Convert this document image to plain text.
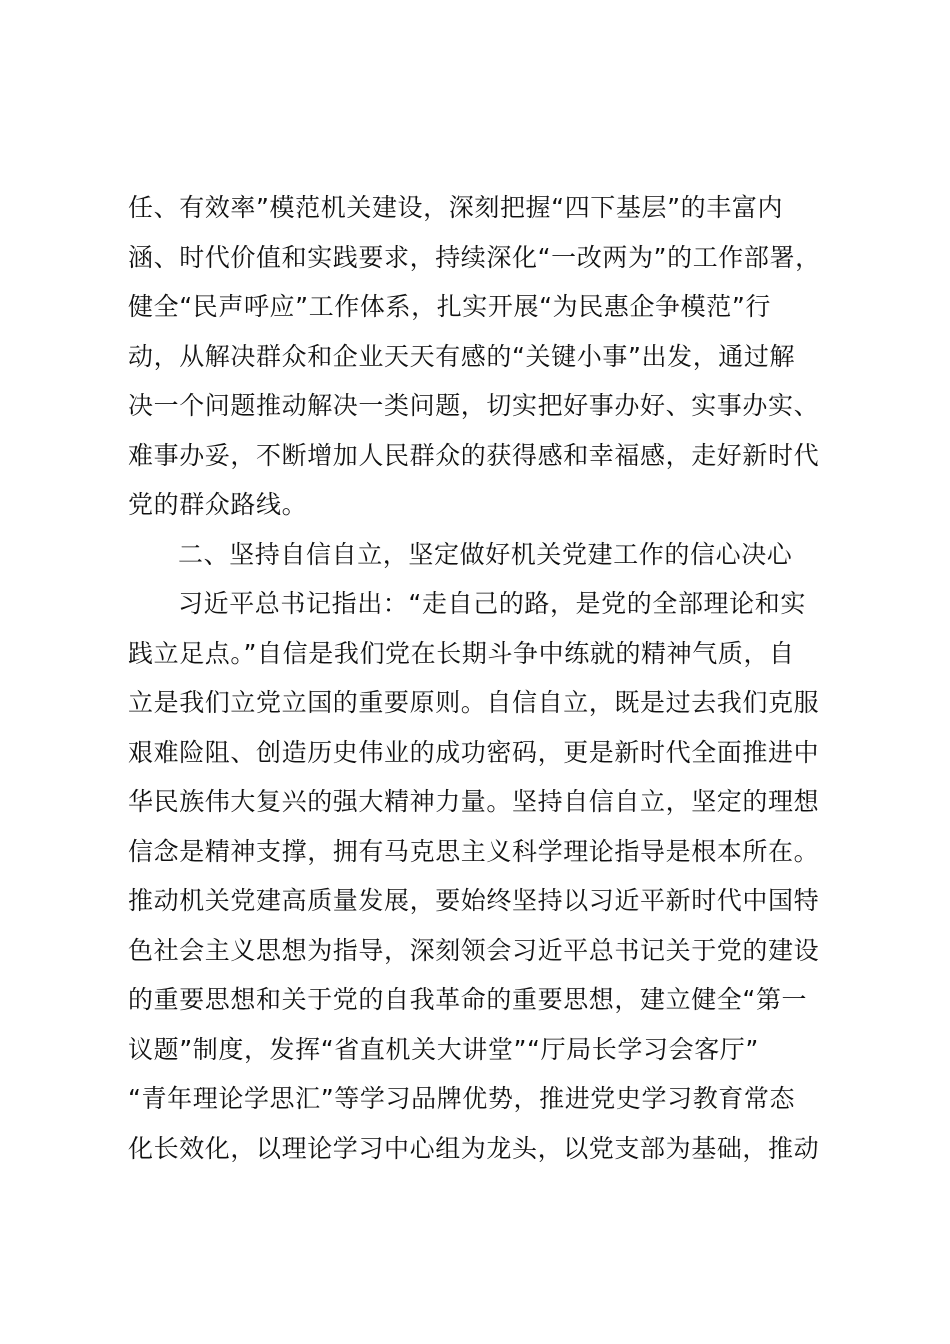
任、有效率”模范机关建设，深刻把握“四下基层”的丰富内
涵、时代价值和实践要求，持续深化“一改两为”的工作部署，
健全“民声呼应”工作体系，扎实开展“为民惠企争模范”行
动，从解决群众和企业天天有感的“关键小事”出发，通过解
决一个问题推动解决一类问题，切实把好事办好、实事办实、
难事办妥，不断增加人民群众的获得感和幸福感，走好新时代
党的群众路线。
二、坚持自信自立，坚定做好机关党建工作的信心决心
习近平总书记指出：“走自己的路，是党的全部理论和实
践立足点。”自信是我们党在长期斗争中练就的精神气质，自
立是我们立党立国的重要原则。自信自立，既是过去我们克服
艰难险阻、创造历史伟业的成功密码，更是新时代全面推进中
华民族伟大复兴的强大精神力量。坚持自信自立，坚定的理想
信念是精神支撑，拥有马克思主义科学理论指导是根本所在。
推动机关党建高质量发展，要始终坚持以习近平新时代中国特
色社会主义思想为指导，深刻领会习近平总书记关于党的建设
的重要思想和关于党的自我革命的重要思想，建立健全“第一
议题”制度，发挥“省直机关大讲堂”“厅局长学习会客厅”
“青年理论学思汇”等学习品牌优势，推进党史学习教育常态
化长效化，以理论学习中心组为龙头，以党支部为基础，推动
